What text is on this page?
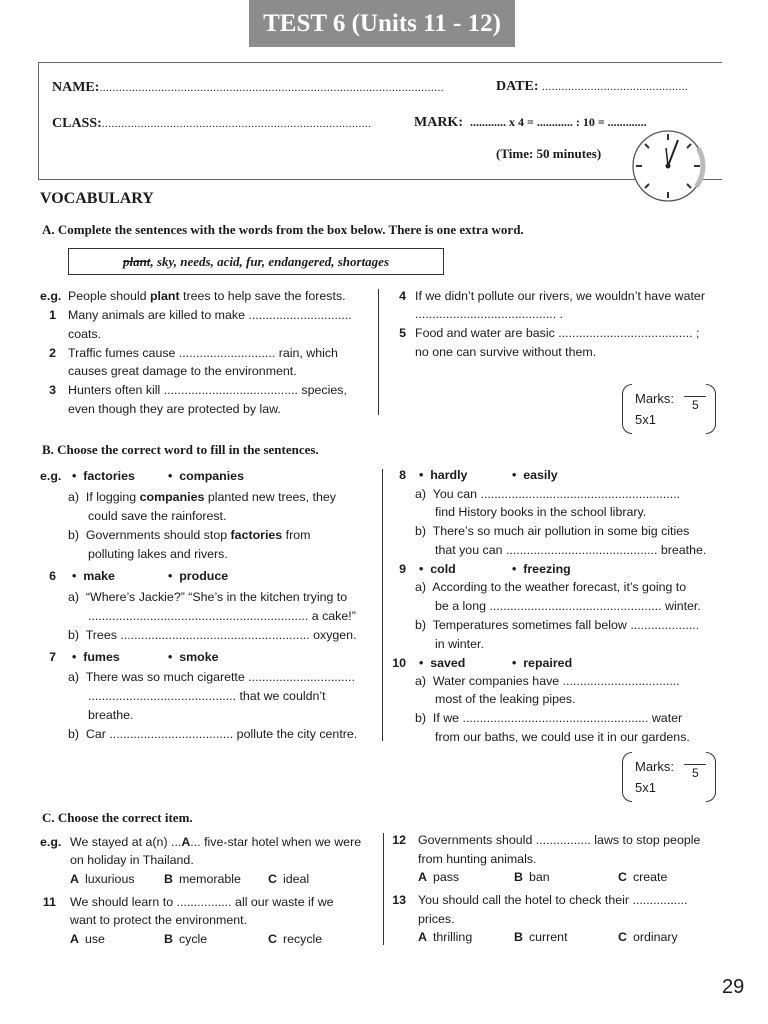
TEST 6 (Units 11 - 12)
NAME:..........................................................................................................	DATE: .............................................
CLASS:...................................................................................	MARK: ............ x 4 = ............ : 10 = .............
(Time: 50 minutes)
VOCABULARY
A. Complete the sentences with the words from the box below. There is one extra word.
plant, sky, needs, acid, fur, endangered, shortages
e.g. People should plant trees to help save the forests.
1 Many animals are killed to make ..............................
coats.
2 Traffic fumes cause ............................ rain, which
causes great damage to the environment.
3 Hunters often kill ....................................... species,
even though they are protected by law.
4 If we didn’t pollute our rivers, we wouldn’t have water
......................................... .
5 Food and water are basic ....................................... ;
no one can survive without them.
Marks: 5
5x1
B. Choose the correct word to fill in the sentences.
e.g. •  factories	•  companies
a)  If logging companies planted new trees, they
could save the rainforest.
b)  Governments should stop factories from
polluting lakes and rivers.
6 •  make	•  produce
a)  “Where’s Jackie?” “She’s in the kitchen trying to
................................................................ a cake!”
b)  Trees ....................................................... oxygen.
7 •  fumes	•  smoke
a)  There was so much cigarette ...............................
........................................... that we couldn’t
breathe.
b)  Car .................................... pollute the city centre.
8 •  hardly	•  easily
a)  You can ..........................................................
find History books in the school library.
b)  There’s so much air pollution in some big cities
that you can ............................................ breathe.
9 •  cold	•  freezing
a)  According to the weather forecast, it’s going to
be a long .................................................. winter.
b)  Temperatures sometimes fall below ....................
in winter.
10 •  saved	•  repaired
a)  Water companies have ..................................
most of the leaking pipes.
b)  If we ...................................................... water
from our baths, we could use it in our gardens.
Marks: 5
5x1
C. Choose the correct item.
e.g. We stayed at a(n) ...A... five-star hotel when we were
on holiday in Thailand.
A luxurious B memorable C ideal
11 We should learn to ................ all our waste if we
want to protect the environment.
A use	B cycle	C recycle
12 Governments should ................ laws to stop people
from hunting animals.
A pass	B ban	C create
13 You should call the hotel to check their ................
prices.
A thrilling	B current	C ordinary
29
